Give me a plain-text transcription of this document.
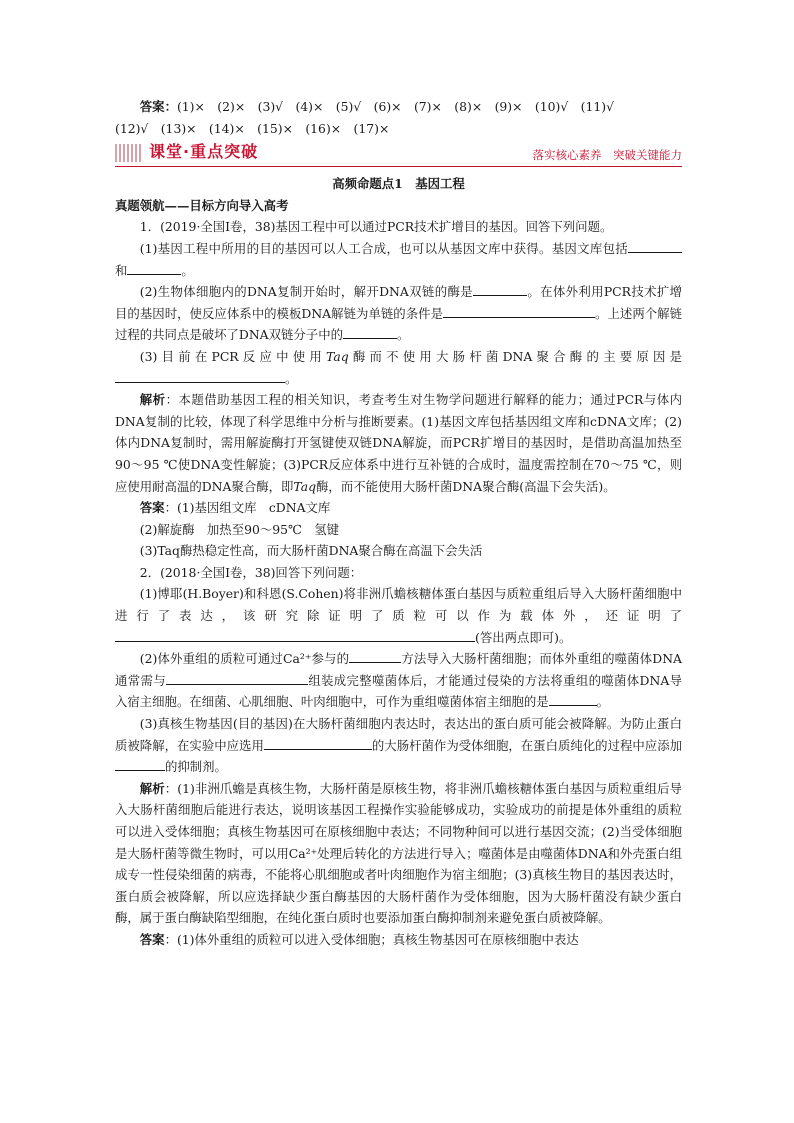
答案：(1)×　(2)×　(3)√　(4)×　(5)√　(6)×　(7)×　(8)×　(9)×　(10)√　(11)√

(12)√　(13)×　(14)×　(15)×　(16)×　(17)×

课堂·重点突破	落实核心素养　突破关键能力

高频命题点1　基因工程

真题领航——目标方向导入高考

1．(2019·全国Ⅰ卷，38)基因工程中可以通过PCR技术扩增目的基因。回答下列问题。

(1)基因工程中所用的目的基因可以人工合成，也可以从基因文库中获得。基因文库包括和	。

(2)生物体细胞内的DNA复制开始时，解开DNA双链的酶是	。在体外利用PCR技术扩增目的基因时，使反应体系中的模板DNA解链为单链的条件是	。上述两个解链过程的共同点是破坏了DNA双链分子中的	。

(3)目前在PCR反应中使用Taq酶而不使用大肠杆菌DNA聚合酶的主要原因是。

解析：本题借助基因工程的相关知识，考查考生对生物学问题进行解释的能力；通过PCR与体内DNA复制的比较，体现了科学思维中分析与推断要素。(1)基因文库包括基因组文库和cDNA文库；(2)体内DNA复制时，需用解旋酶打开氢键使双链DNA解旋，而PCR扩增目的基因时，是借助高温加热至90～95 ℃使DNA变性解旋；(3)PCR反应体系中进行互补链的合成时，温度需控制在70～75 ℃，则应使用耐高温的DNA聚合酶，即Taq酶，而不能使用大肠杆菌DNA聚合酶(高温下会失活)。

答案：(1)基因组文库　cDNA文库

(2)解旋酶　加热至90～95℃　氢键

(3)Taq酶热稳定性高，而大肠杆菌DNA聚合酶在高温下会失活

2．(2018·全国Ⅰ卷，38)回答下列问题：

(1)博耶(H.Boyer)和科恩(S.Cohen)将非洲爪蟾核糖体蛋白基因与质粒重组后导入大肠杆菌细胞中进行了表达，该研究除证明了质粒可以作为载体外，还证明了(答出两点即可)。

(2)体外重组的质粒可通过Ca²⁺参与的	方法导入大肠杆菌细胞；而体外重组的噬菌体DNA通常需与	组装成完整噬菌体后，才能通过侵染的方法将重组的噬菌体DNA导入宿主细胞。在细菌、心肌细胞、叶肉细胞中，可作为重组噬菌体宿主细胞的是	。

(3)真核生物基因(目的基因)在大肠杆菌细胞内表达时，表达出的蛋白质可能会被降解。为防止蛋白质被降解，在实验中应选用	的大肠杆菌作为受体细胞，在蛋白质纯化的过程中应添加的抑制剂。

解析：(1)非洲爪蟾是真核生物，大肠杆菌是原核生物，将非洲爪蟾核糖体蛋白基因与质粒重组后导入大肠杆菌细胞后能进行表达，说明该基因工程操作实验能够成功，实验成功的前提是体外重组的质粒可以进入受体细胞；真核生物基因可在原核细胞中表达；不同物种间可以进行基因交流；(2)当受体细胞是大肠杆菌等微生物时，可以用Ca²⁺处理后转化的方法进行导入；噬菌体是由噬菌体DNA和外壳蛋白组成专一性侵染细菌的病毒，不能将心肌细胞或者叶肉细胞作为宿主细胞；(3)真核生物目的基因表达时，蛋白质会被降解，所以应选择缺少蛋白酶基因的大肠杆菌作为受体细胞，因为大肠杆菌没有缺少蛋白酶，属于蛋白酶缺陷型细胞，在纯化蛋白质时也要添加蛋白酶抑制剂来避免蛋白质被降解。

答案：(1)体外重组的质粒可以进入受体细胞；真核生物基因可在原核细胞中表达
